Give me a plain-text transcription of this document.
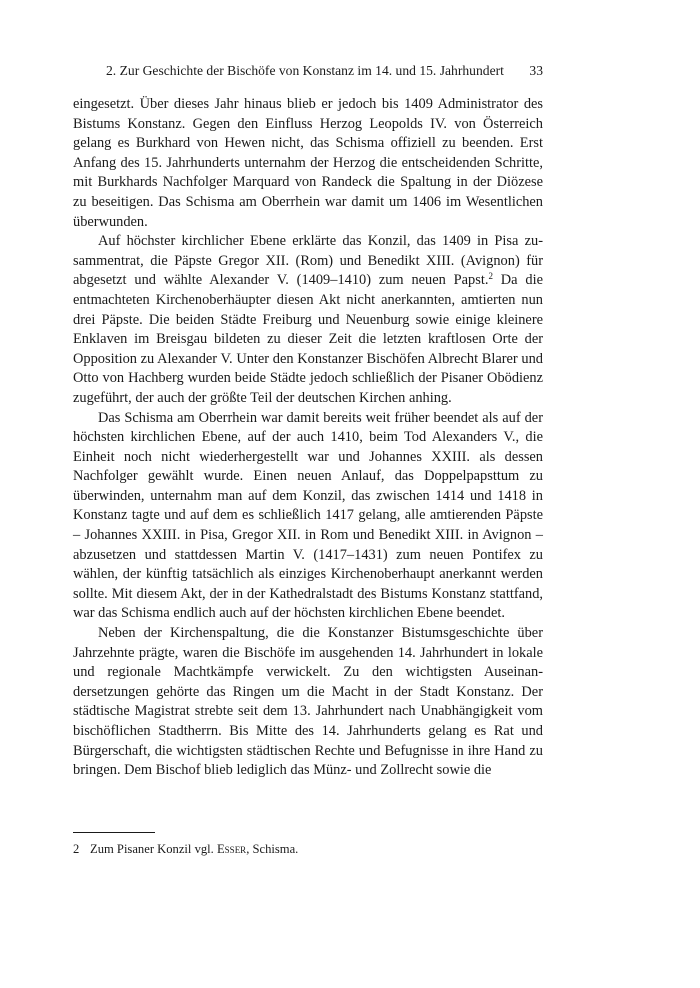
2. Zur Geschichte der Bischöfe von Konstanz im 14. und 15. Jahrhundert 33

eingesetzt. Über dieses Jahr hinaus blieb er jedoch bis 1409 Administrator des Bistums Konstanz. Gegen den Einfluss Herzog Leopolds IV. von Österreich gelang es Burkhard von Hewen nicht, das Schisma offiziell zu beenden. Erst Anfang des 15. Jahrhunderts unternahm der Herzog die entscheidenden Schritte, mit Burkhards Nachfolger Marquard von Randeck die Spaltung in der Diözese zu beseitigen. Das Schisma am Oberrhein war damit um 1406 im Wesentlichen überwunden.

Auf höchster kirchlicher Ebene erklärte das Konzil, das 1409 in Pisa zusammentrat, die Päpste Gregor XII. (Rom) und Benedikt XIII. (Avignon) für abgesetzt und wählte Alexander V. (1409–1410) zum neuen Papst.$^2$ Da die entmachteten Kirchenoberhäupter diesen Akt nicht anerkannten, amtierten nun drei Päpste. Die beiden Städte Freiburg und Neuenburg sowie einige kleinere Enklaven im Breisgau bildeten zu dieser Zeit die letzten kraftlosen Orte der Opposition zu Alexander V. Unter den Konstanzer Bischöfen Albrecht Blarer und Otto von Hachberg wurden beide Städte jedoch schließlich der Pisaner Obödienz zugeführt, der auch der größte Teil der deutschen Kirchen anhing.

Das Schisma am Oberrhein war damit bereits weit früher beendet als auf der höchsten kirchlichen Ebene, auf der auch 1410, beim Tod Alexanders V., die Einheit noch nicht wiederhergestellt war und Johannes XXIII. als dessen Nachfolger gewählt wurde. Einen neuen Anlauf, das Doppelpapsttum zu überwinden, unternahm man auf dem Konzil, das zwischen 1414 und 1418 in Konstanz tagte und auf dem es schließlich 1417 gelang, alle amtierenden Päpste – Johannes XXIII. in Pisa, Gregor XII. in Rom und Benedikt XIII. in Avignon – abzusetzen und stattdessen Martin V. (1417–1431) zum neuen Pontifex zu wählen, der künftig tatsächlich als einziges Kirchenoberhaupt anerkannt werden sollte. Mit diesem Akt, der in der Kathedralstadt des Bistums Konstanz stattfand, war das Schisma endlich auch auf der höchsten kirchlichen Ebene beendet.

Neben der Kirchenspaltung, die die Konstanzer Bistumsgeschichte über Jahrzehnte prägte, waren die Bischöfe im ausgehenden 14. Jahrhundert in lokale und regionale Machtkämpfe verwickelt. Zu den wichtigsten Auseinandersetzungen gehörte das Ringen um die Macht in der Stadt Konstanz. Der städtische Magistrat strebte seit dem 13. Jahrhundert nach Unabhängigkeit vom bischöflichen Stadtherrn. Bis Mitte des 14. Jahrhunderts gelang es Rat und Bürgerschaft, die wichtigsten städtischen Rechte und Befugnisse in ihre Hand zu bringen. Dem Bischof blieb lediglich das Münz- und Zollrecht sowie die

2 Zum Pisaner Konzil vgl. Esser, Schisma.
